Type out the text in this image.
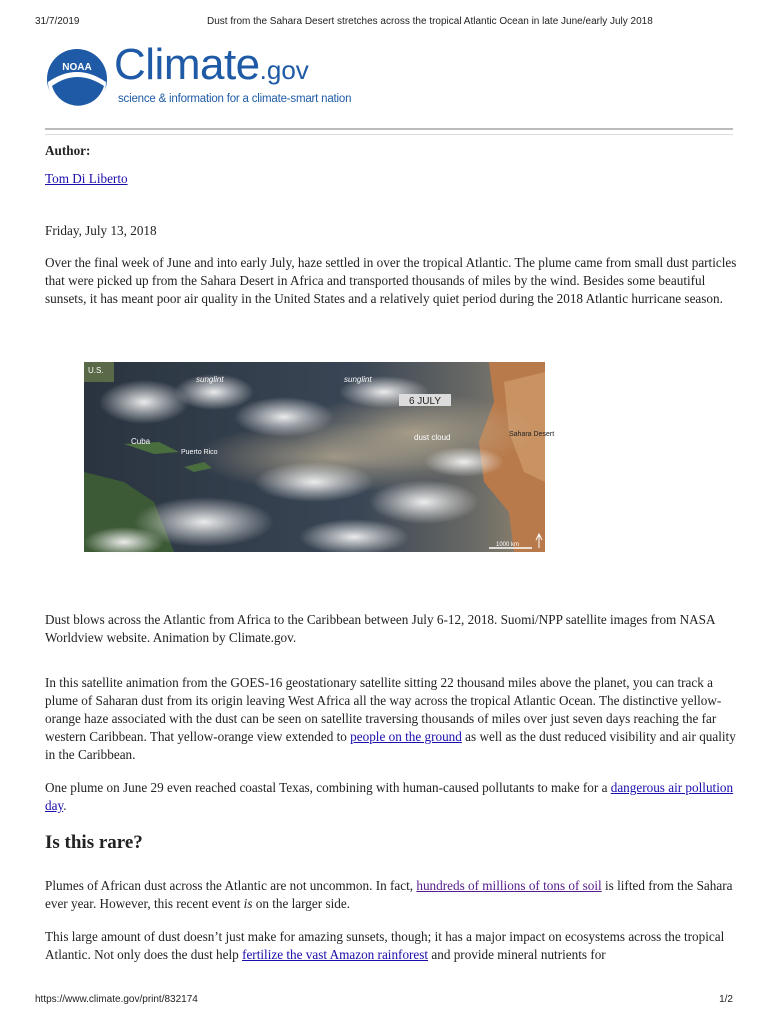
31/7/2019	Dust from the Sahara Desert stretches across the tropical Atlantic Ocean in late June/early July 2018
NOAA Climate.gov
science & information for a climate-smart nation
Author:
Tom Di Liberto
Friday, July 13, 2018

Over the final week of June and into early July, haze settled in over the tropical Atlantic. The plume came from small dust particles that were picked up from the Sahara Desert in Africa and transported thousands of miles by the wind. Besides some beautiful sunsets, it has meant poor air quality in the United States and a relatively quiet period during the 2018 Atlantic hurricane season.

U.S.
sunglint	sunglint
6 JULY
dust cloud
Cuba
Puerto Rico
Sahara Desert
1000 km

Dust blows across the Atlantic from Africa to the Caribbean between July 6-12, 2018. Suomi/NPP satellite images from NASA Worldview website. Animation by Climate.gov.

In this satellite animation from the GOES-16 geostationary satellite sitting 22 thousand miles above the planet, you can track a plume of Saharan dust from its origin leaving West Africa all the way across the tropical Atlantic Ocean. The distinctive yellow-orange haze associated with the dust can be seen on satellite traversing thousands of miles over just seven days reaching the far western Caribbean. That yellow-orange view extended to people on the ground as well as the dust reduced visibility and air quality in the Caribbean.

One plume on June 29 even reached coastal Texas, combining with human-caused pollutants to make for a dangerous air pollution day.

Is this rare?

Plumes of African dust across the Atlantic are not uncommon. In fact, hundreds of millions of tons of soil is lifted from the Sahara ever year. However, this recent event is on the larger side.

This large amount of dust doesn’t just make for amazing sunsets, though; it has a major impact on ecosystems across the tropical Atlantic. Not only does the dust help fertilize the vast Amazon rainforest and provide mineral nutrients for

https://www.climate.gov/print/832174	1/2
